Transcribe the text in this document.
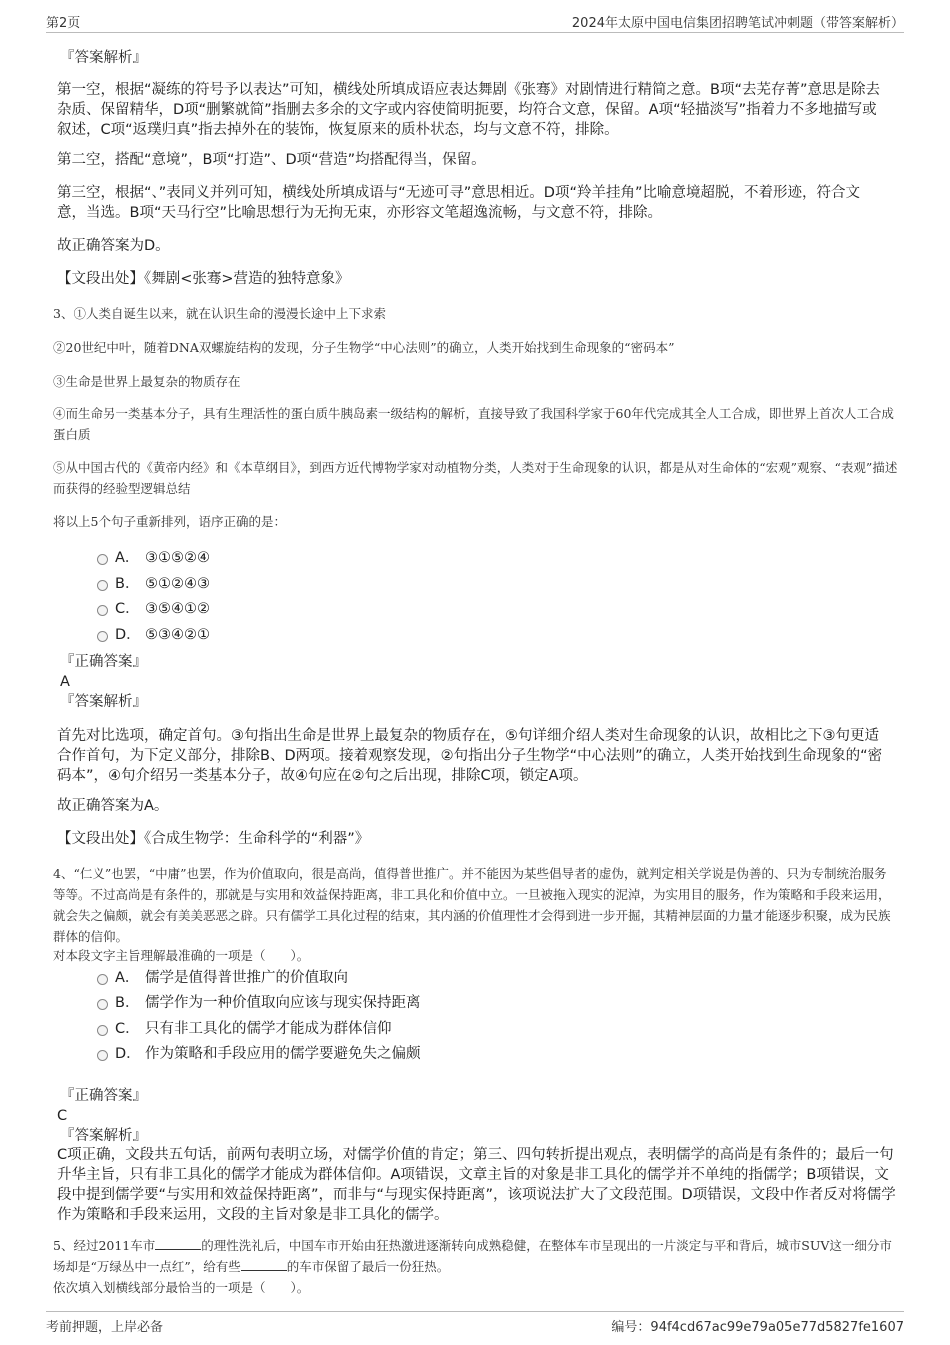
第2页	2024年太原中国电信集团招聘笔试冲刺题（带答案解析）
『答案解析』
第一空，根据“凝练的符号予以表达”可知，横线处所填成语应表达舞剧《张骞》对剧情进行精简之意。B项“去芜存菁”意思是除去杂质、保留精华，D项“删繁就简”指删去多余的文字或内容使简明扼要，均符合文意，保留。A项“轻描淡写”指着力不多地描写或叙述，C项“返璞归真”指去掉外在的装饰，恢复原来的质朴状态，均与文意不符，排除。
第二空，搭配“意境”，B项“打造”、D项“营造”均搭配得当，保留。
第三空，根据“、”表同义并列可知，横线处所填成语与“无迹可寻”意思相近。D项“羚羊挂角”比喻意境超脱，不着形迹，符合文意，当选。B项“天马行空”比喻思想行为无拘无束，亦形容文笔超逸流畅，与文意不符，排除。
故正确答案为D。
【文段出处】《舞剧<张骞>营造的独特意象》
3、①人类自诞生以来，就在认识生命的漫漫长途中上下求索
②20世纪中叶，随着DNA双螺旋结构的发现，分子生物学“中心法则”的确立，人类开始找到生命现象的“密码本”
③生命是世界上最复杂的物质存在
④而生命另一类基本分子，具有生理活性的蛋白质牛胰岛素一级结构的解析，直接导致了我国科学家于60年代完成其全人工合成，即世界上首次人工合成蛋白质
⑤从中国古代的《黄帝内经》和《本草纲目》，到西方近代博物学家对动植物分类，人类对于生命现象的认识，都是从对生命体的“宏观”观察、“表观”描述而获得的经验型逻辑总结
将以上5个句子重新排列，语序正确的是：
A． ③①⑤②④
B． ⑤①②④③
C． ③⑤④①②
D． ⑤③④②①
『正确答案』
A
『答案解析』
首先对比选项，确定首句。③句指出生命是世界上最复杂的物质存在，⑤句详细介绍人类对生命现象的认识，故相比之下③句更适合作首句，为下定义部分，排除B、D两项。接着观察发现，②句指出分子生物学“中心法则”的确立，人类开始找到生命现象的“密码本”，④句介绍另一类基本分子，故④句应在②句之后出现，排除C项，锁定A项。
故正确答案为A。
【文段出处】《合成生物学：生命科学的“利器”》
4、“仁义”也罢，“中庸”也罢，作为价值取向，很是高尚，值得普世推广。并不能因为某些倡导者的虚伪，就判定相关学说是伪善的、只为专制统治服务等等。不过高尚是有条件的，那就是与实用和效益保持距离，非工具化和价值中立。一旦被拖入现实的泥淖，为实用目的服务，作为策略和手段来运用，就会失之偏颇，就会有美美恶恶之辟。只有儒学工具化过程的结束，其内涵的价值理性才会得到进一步开掘，其精神层面的力量才能逐步积聚，成为民族群体的信仰。
对本段文字主旨理解最准确的一项是（　　）。
A． 儒学是值得普世推广的价值取向
B． 儒学作为一种价值取向应该与现实保持距离
C． 只有非工具化的儒学才能成为群体信仰
D． 作为策略和手段应用的儒学要避免失之偏颇
『正确答案』
C
『答案解析』
C项正确，文段共五句话，前两句表明立场，对儒学价值的肯定；第三、四句转折提出观点，表明儒学的高尚是有条件的；最后一句升华主旨，只有非工具化的儒学才能成为群体信仰。A项错误，文章主旨的对象是非工具化的儒学并不单纯的指儒学；B项错误，文段中提到儒学要“与实用和效益保持距离”，而非与“与现实保持距离”，该项说法扩大了文段范围。D项错误，文段中作者反对将儒学作为策略和手段来运用，文段的主旨对象是非工具化的儒学。
5、经过2011车市	的理性洗礼后，中国车市开始由狂热激进逐渐转向成熟稳健，在整体车市呈现出的一片淡定与平和背后，城市SUV这一细分市场却是“万绿丛中一点红”，给有些	的车市保留了最后一份狂热。
依次填入划横线部分最恰当的一项是（　　）。
考前押题，上岸必备	编号：94f4cd67ac99e79a05e77d5827fe1607
